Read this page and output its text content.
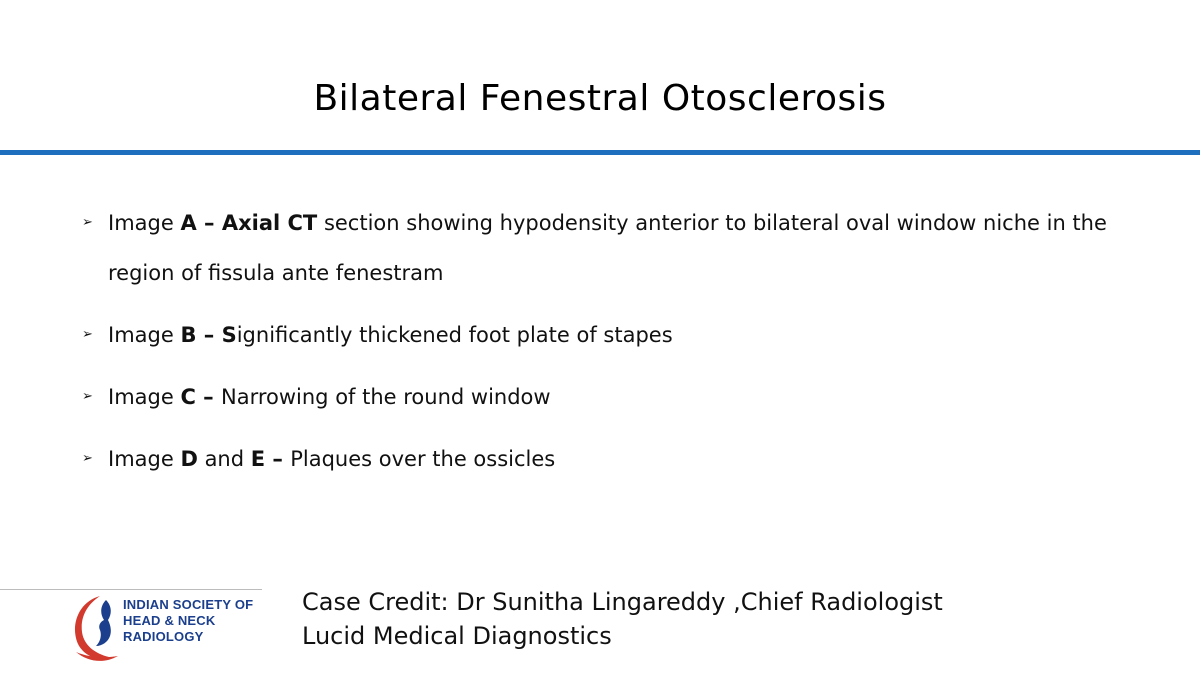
Bilateral Fenestral Otosclerosis
➢ Image A – Axial CT section showing hypodensity anterior to bilateral oval window niche in the region of fissula ante fenestram
➢ Image B – Significantly thickened foot plate of stapes
➢ Image C – Narrowing of the round window
➢ Image D and E – Plaques over the ossicles
INDIAN SOCIETY OF
HEAD & NECK
RADIOLOGY
Case Credit: Dr Sunitha Lingareddy ,Chief Radiologist
Lucid Medical Diagnostics
